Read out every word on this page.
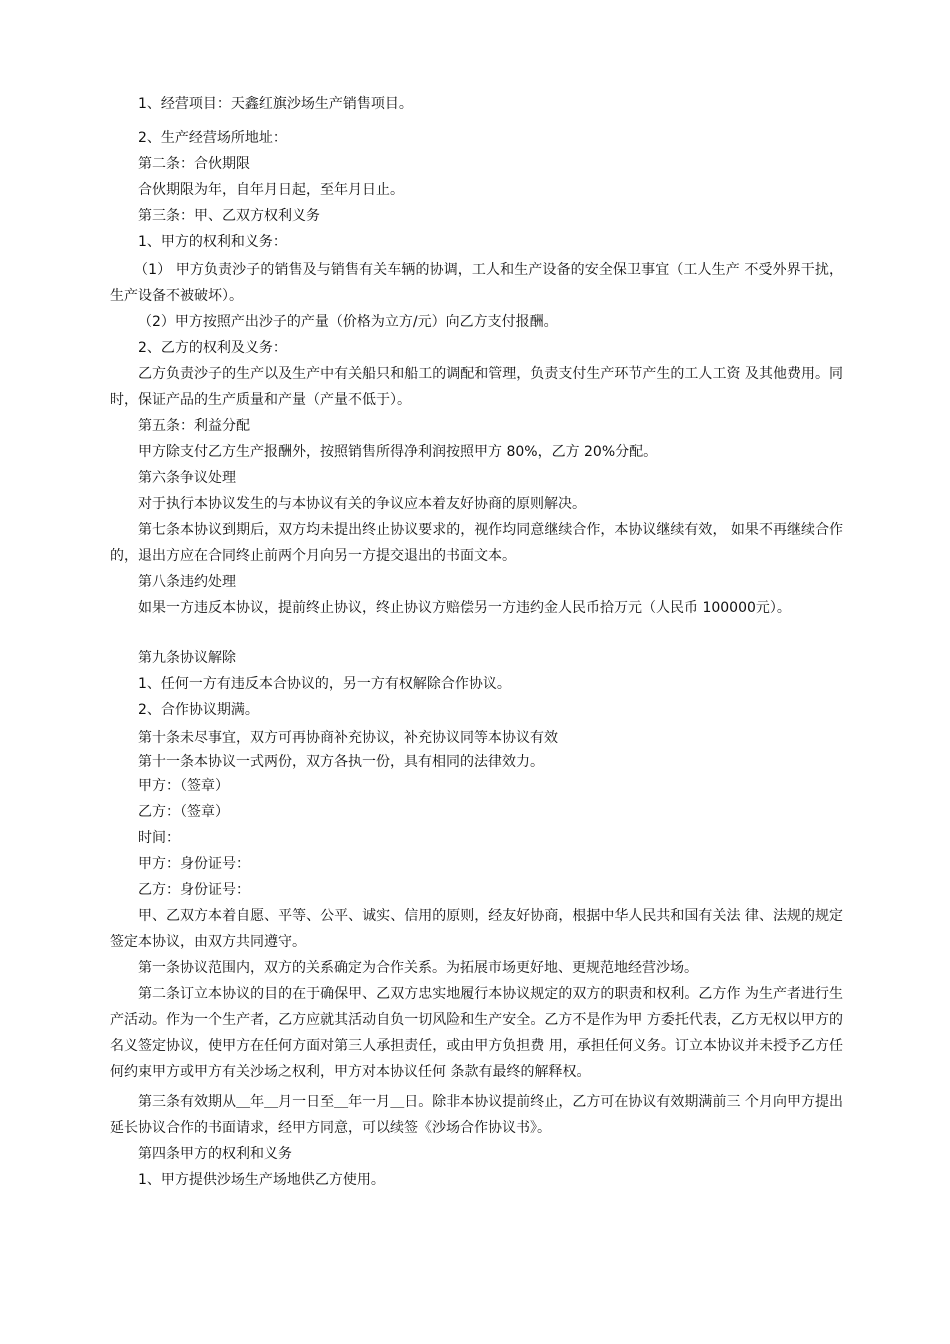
1、经营项目：天鑫红旗沙场生产销售项目。
2、生产经营场所地址：
第二条：合伙期限
合伙期限为年，自年月日起，至年月日止。
第三条：甲、乙双方权利义务
1、甲方的权利和义务：
（1） 甲方负责沙子的销售及与销售有关车辆的协调，工人和生产设备的安全保卫事宜（工人生产 不受外界干扰，生产设备不被破坏）。
（2）甲方按照产出沙子的产量（价格为立方/元）向乙方支付报酬。
2、乙方的权利及义务：
乙方负责沙子的生产以及生产中有关船只和船工的调配和管理，负责支付生产环节产生的工人工资 及其他费用。同时，保证产品的生产质量和产量（产量不低于）。
第五条：利益分配
甲方除支付乙方生产报酬外，按照销售所得净利润按照甲方 80%，乙方 20%分配。
第六条争议处理
对于执行本协议发生的与本协议有关的争议应本着友好协商的原则解决。
第七条本协议到期后，双方均未提出终止协议要求的，视作均同意继续合作，本协议继续有效， 如果不再继续合作的，退出方应在合同终止前两个月向另一方提交退出的书面文本。
第八条违约处理
如果一方违反本协议，提前终止协议，终止协议方赔偿另一方违约金人民币拾万元（人民币 100000元）。
第九条协议解除
1、任何一方有违反本合协议的，另一方有权解除合作协议。
2、合作协议期满。
第十条未尽事宜，双方可再协商补充协议，补充协议同等本协议有效
第十一条本协议一式两份，双方各执一份，具有相同的法律效力。
甲方：（签章）
乙方：（签章）
时间：
甲方：身份证号：
乙方：身份证号：
甲、乙双方本着自愿、平等、公平、诚实、信用的原则，经友好协商，根据中华人民共和国有关法 律、法规的规定签定本协议，由双方共同遵守。
第一条协议范围内，双方的关系确定为合作关系。为拓展市场更好地、更规范地经营沙场。
第二条订立本协议的目的在于确保甲、乙双方忠实地履行本协议规定的双方的职责和权利。乙方作 为生产者进行生产活动。作为一个生产者，乙方应就其活动自负一切风险和生产安全。乙方不是作为甲 方委托代表，乙方无权以甲方的名义签定协议，使甲方在任何方面对第三人承担责任，或由甲方负担费 用，承担任何义务。订立本协议并未授予乙方任何约束甲方或甲方有关沙场之权利，甲方对本协议任何 条款有最终的解释权。
第三条有效期从＿年＿月一日至＿年一月＿日。除非本协议提前终止，乙方可在协议有效期满前三 个月向甲方提出延长协议合作的书面请求，经甲方同意，可以续签《沙场合作协议书》。
第四条甲方的权利和义务
1、甲方提供沙场生产场地供乙方使用。
